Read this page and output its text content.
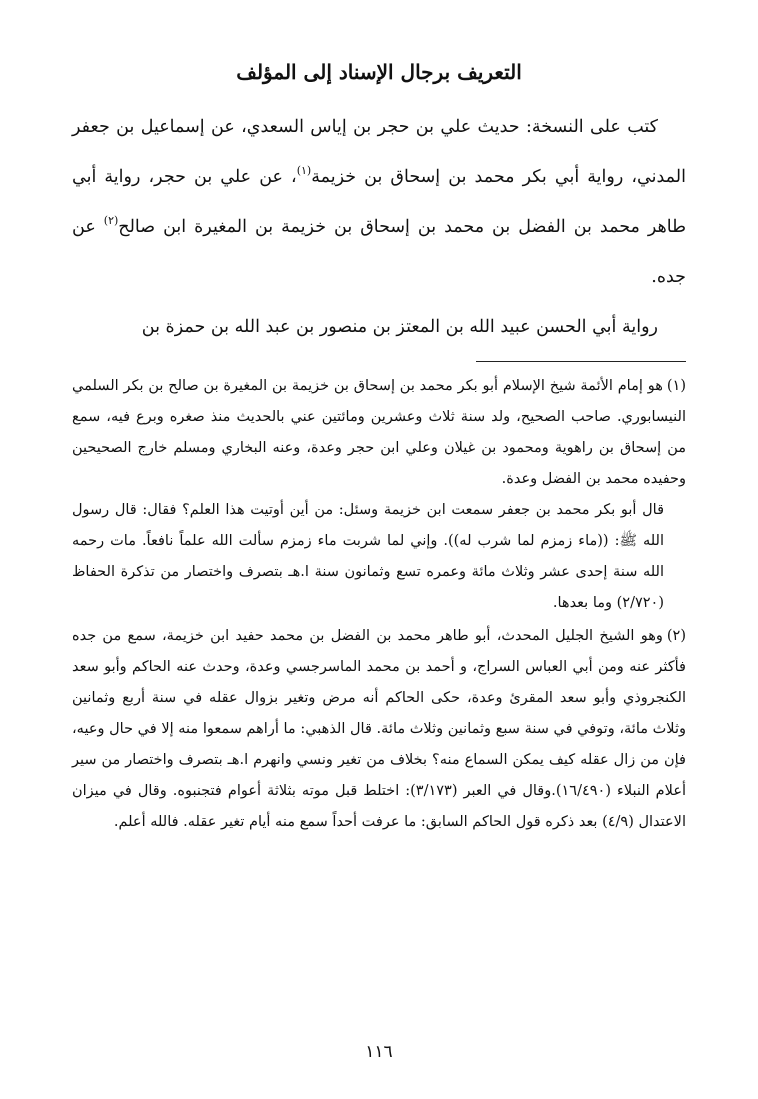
التعريف برجال الإسناد إلى المؤلف

كتب على النسخة: حديث علي بن حجر بن إياس السعدي، عن إسماعيل بن جعفر المدني، رواية أبي بكر محمد بن إسحاق بن خزيمة$^{(١)}$، عن علي بن حجر، رواية أبي طاهر محمد بن الفضل بن محمد بن إسحاق بن خزيمة بن المغيرة ابن صالح$^{(٢)}$ عن جده.

رواية أبي الحسن عبيد الله بن المعتز بن منصور بن عبد الله بن حمزة بن

(١)هو إمام الأئمة شيخ الإسلام أبو بكر محمد بن إسحاق بن خزيمة بن المغيرة بن صالح بن بكر السلمي النيسابوري. صاحب الصحيح، ولد سنة ثلاث وعشرين ومائتين عني بالحديث منذ صغره وبرع فيه، سمع من إسحاق بن راهوية ومحمود بن غيلان وعلي ابن حجر وعدة، وعنه البخاري ومسلم خارج الصحيحين وحفيده محمد بن الفضل وعدة.

قال أبو بكر محمد بن جعفر سمعت ابن خزيمة وسئل: من أين أوتيت هذا العلم؟ فقال: قال رسول الله ﷺ: ((ماء زمزم لما شرب له)). وإني لما شربت ماء زمزم سألت الله علماً نافعاً. مات رحمه الله سنة إحدى عشر وثلاث مائة وعمره تسع وثمانون سنة ا.هـ بتصرف واختصار من تذكرة الحفاظ (٢/٧٢٠) وما بعدها.

(٢)وهو الشيخ الجليل المحدث، أبو طاهر محمد بن الفضل بن محمد حفيد ابن خزيمة، سمع من جده فأكثر عنه ومن أبي العباس السراج، و أحمد بن محمد الماسرجسي وعدة، وحدث عنه الحاكم وأبو سعد الكنجروذي وأبو سعد المقرئ وعدة، حكى الحاكم أنه مرض وتغير بزوال عقله في سنة أربع وثمانين وثلاث مائة، وتوفي في سنة سبع وثمانين وثلاث مائة. قال الذهبي: ما أراهم سمعوا منه إلا في حال وعيه، فإن من زال عقله كيف يمكن السماع منه؟ بخلاف من تغير ونسي وانهرم ا.هـ بتصرف واختصار من سير أعلام النبلاء (١٦/٤٩٠).وقال في العبر (٣/١٧٣): اختلط قبل موته بثلاثة أعوام فتجنبوه. وقال في ميزان الاعتدال (٤/٩) بعد ذكره قول الحاكم السابق: ما عرفت أحداً سمع منه أيام تغير عقله. فالله أعلم.

١١٦
